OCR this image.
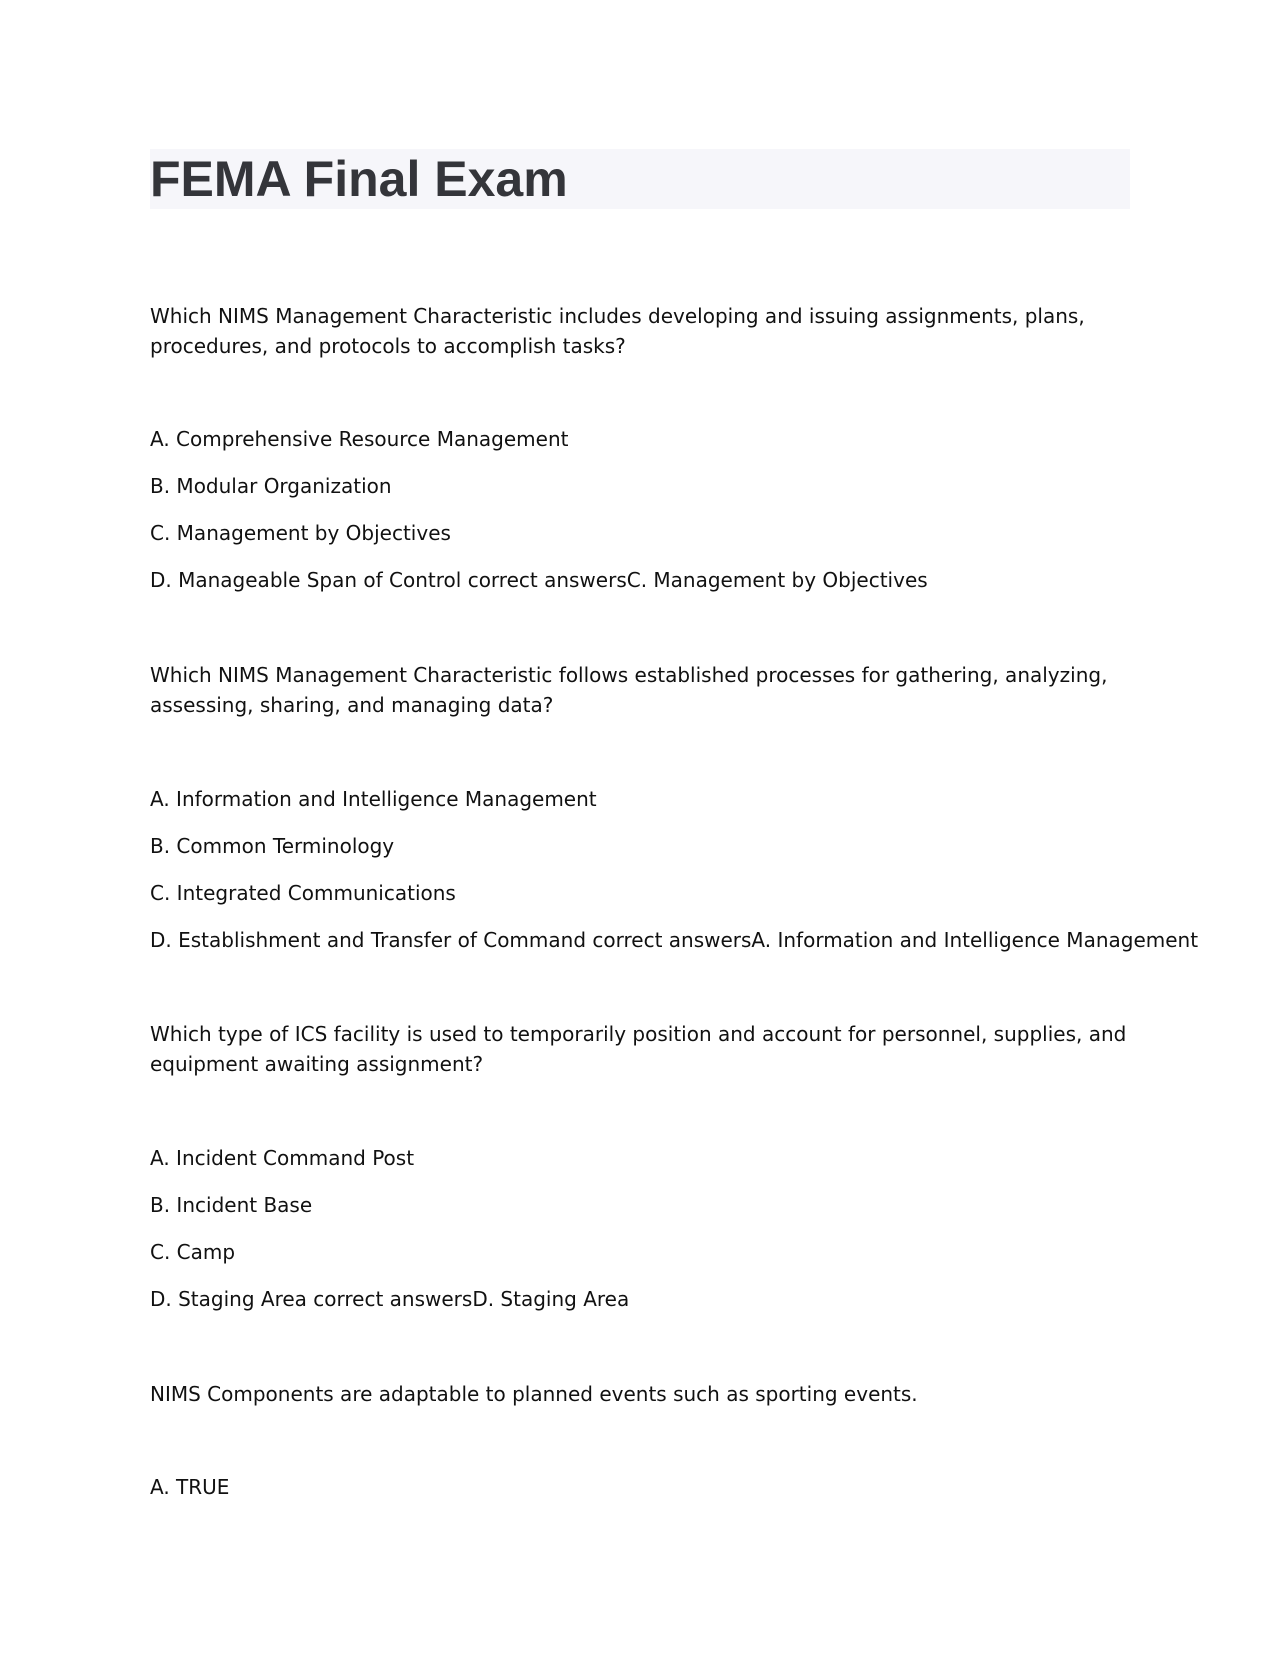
FEMA Final Exam

Which NIMS Management Characteristic includes developing and issuing assignments, plans,

procedures, and protocols to accomplish tasks?

A. Comprehensive Resource Management

B. Modular Organization

C. Management by Objectives

D. Manageable Span of Control correct answersC. Management by Objectives

Which NIMS Management Characteristic follows established processes for gathering, analyzing,

assessing, sharing, and managing data?

A. Information and Intelligence Management

B. Common Terminology

C. Integrated Communications

D. Establishment and Transfer of Command correct answersA. Information and Intelligence Management

Which type of ICS facility is used to temporarily position and account for personnel, supplies, and

equipment awaiting assignment?

A. Incident Command Post

B. Incident Base

C. Camp

D. Staging Area correct answersD. Staging Area

NIMS Components are adaptable to planned events such as sporting events.

A. TRUE
